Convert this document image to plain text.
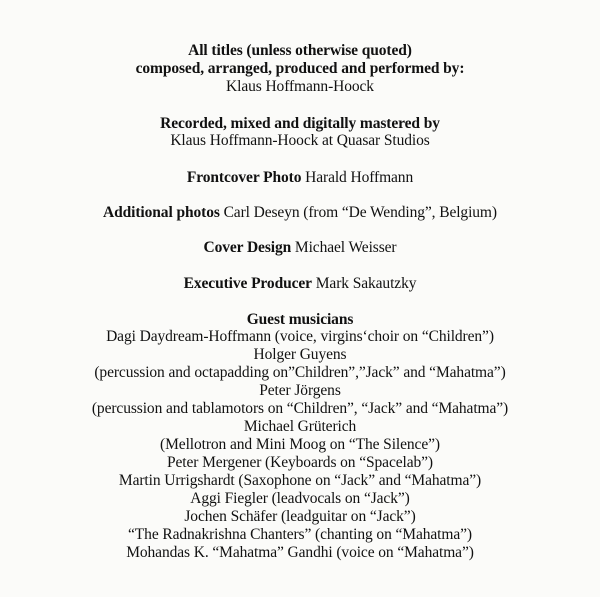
All titles (unless otherwise quoted)
composed, arranged, produced and performed by:
Klaus Hoffmann-Hoock
Recorded, mixed and digitally mastered by
Klaus Hoffmann-Hoock at Quasar Studios
Frontcover Photo Harald Hoffmann
Additional photos Carl Deseyn (from “De Wending”, Belgium)
Cover Design Michael Weisser
Executive Producer Mark Sakautzky
Guest musicians
Dagi Daydream-Hoffmann (voice, virgins‘choir on “Children”)
Holger Guyens
(percussion and octapadding on”Children”,”Jack” and “Mahatma”)
Peter Jörgens
(percussion and tablamotors on “Children”, “Jack” and “Mahatma”)
Michael Grüterich
(Mellotron and Mini Moog on “The Silence”)
Peter Mergener (Keyboards on “Spacelab”)
Martin Urrigshardt (Saxophone on “Jack” and “Mahatma”)
Aggi Fiegler (leadvocals on “Jack”)
Jochen Schäfer (leadguitar on “Jack”)
“The Radnakrishna Chanters” (chanting on “Mahatma”)
Mohandas K. “Mahatma” Gandhi (voice on “Mahatma”)
